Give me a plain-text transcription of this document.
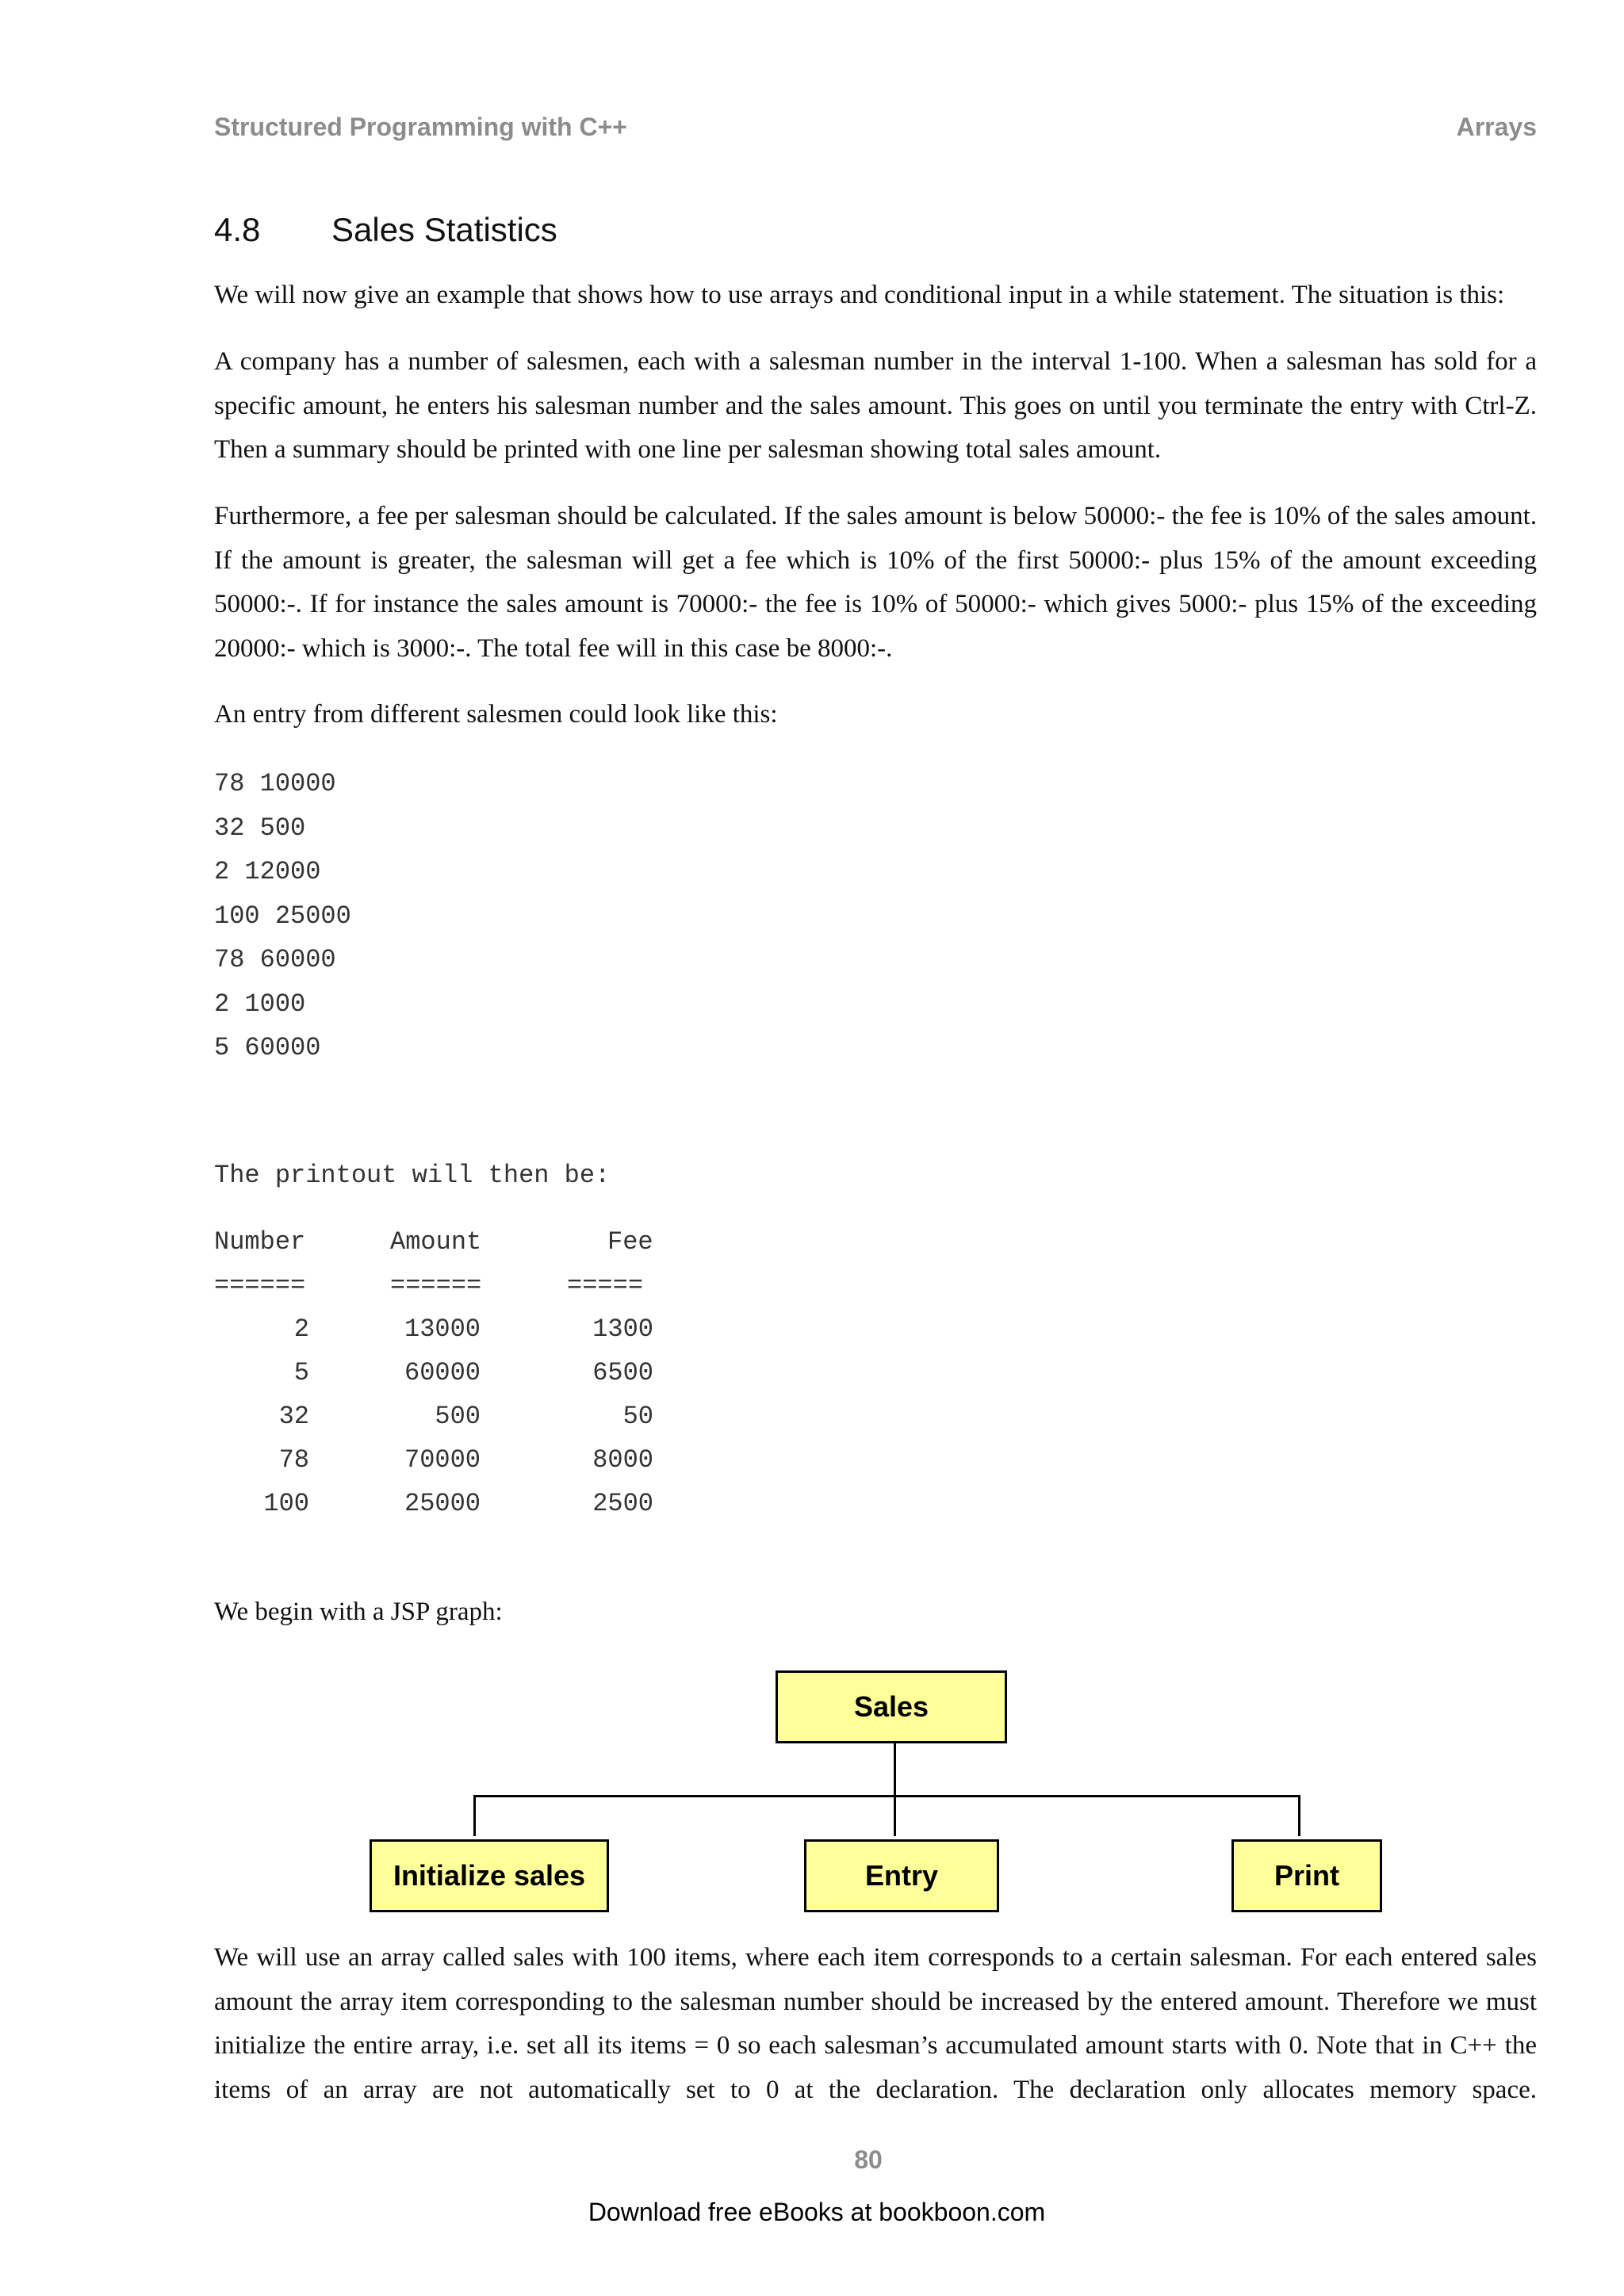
Structured Programming with C++	Arrays
4.8 Sales Statistics

We will now give an example that shows how to use arrays and conditional input in a while statement. The situation is this:

A company has a number of salesmen, each with a salesman number in the interval 1-100. When a salesman has sold for a specific amount, he enters his salesman number and the sales amount. This goes on until you terminate the entry with Ctrl-Z. Then a summary should be printed with one line per salesman showing total sales amount.

Furthermore, a fee per salesman should be calculated. If the sales amount is below 50000:- the fee is 10% of the sales amount. If the amount is greater, the salesman will get a fee which is 10% of the first 50000:- plus 15% of the amount exceeding 50000:-. If for instance the sales amount is 70000:- the fee is 10% of 50000:- which gives 5000:- plus 15% of the exceeding 20000:- which is 3000:-. The total fee will in this case be 8000:-.

An entry from different salesmen could look like this:

78 10000

32 500

2 12000

100 25000

78 60000

2 1000

5 60000

The printout will then be:
Number	Amount	Fee
======	======	=====
2	13000	1300
5	60000	6500
32	500	50
78	70000	8000
100	25000	2500

We begin with a JSP graph:

Sales
Initialize sales	Entry	Print

We will use an array called sales with 100 items, where each item corresponds to a certain salesman. For each entered sales amount the array item corresponding to the salesman number should be increased by the entered amount. Therefore we must initialize the entire array, i.e. set all its items = 0 so each salesman’s accumulated amount starts with 0. Note that in C++ the items of an array are not automatically set to 0 at the declaration. The declaration only allocates memory space.

80
Download free eBooks at bookboon.com
